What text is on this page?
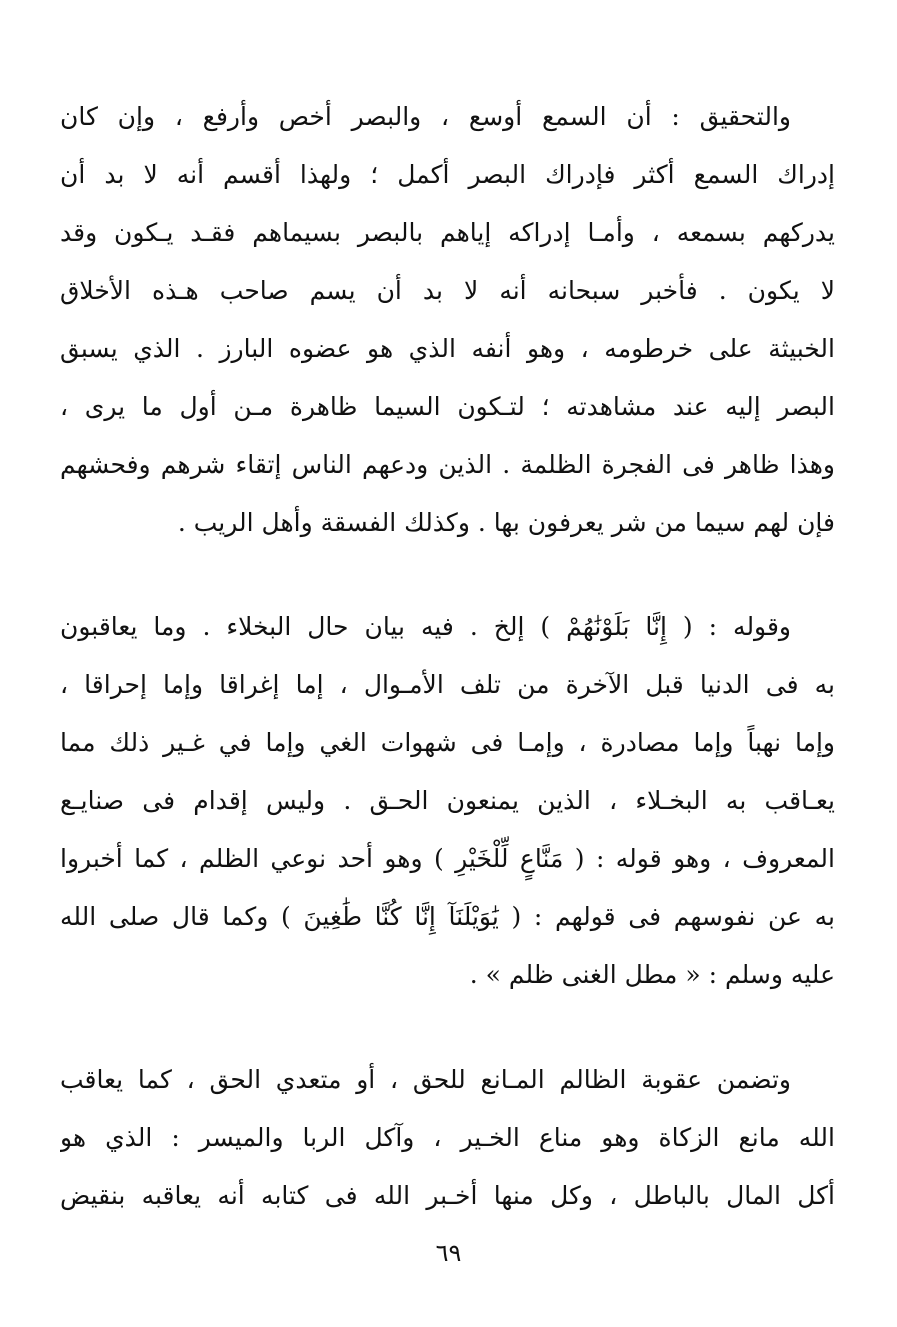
والتحقيق : أن السمع أوسع ، والبصر أخص وأرفع ، وإن كان
إدراك السمع أكثر فإدراك البصر أكمل ؛ ولهذا أقسم أنه لا بد أن
يدركهم بسمعه ، وأمـا إدراكه إياهم بالبصر بسيماهم فقـد يـكون وقد
لا يكون . فأخبر سبحانه أنه لا بد أن يسم صاحب هـذه الأخلاق
الخبيثة على خرطومه ، وهو أنفه الذي هو عضوه البارز . الذي يسبق
البصر إليه عند مشاهدته ؛ لتـكون السيما ظاهرة مـن أول ما يرى ،
وهذا ظاهر فى الفجرة الظلمة . الذين ودعهم الناس إتقاء شرهم وفحشهم
فإن لهم سيما من شر يعرفون بها . وكذلك الفسقة وأهل الريب .
وقوله : ( إِنَّا بَلَوْنَٰهُمْ ) إلخ . فيه بيان حال البخلاء . وما يعاقبون
به فى الدنيا قبل الآخرة من تلف الأمـوال ، إما إغراقا وإما إحراقا ،
وإما نهباً وإما مصادرة ، وإمـا فى شهوات الغي وإما في غـير ذلك مما
يعـاقب به البخـلاء ، الذين يمنعون الحـق . وليس إقدام فى صنايـع
المعروف ، وهو قوله : ( مَنَّاعٍ لِّلْخَيْرِ ) وهو أحد نوعي الظلم ، كما أخبروا
به عن نفوسهم فى قولهم : ( يَٰوَيْلَنَآ إِنَّا كُنَّا طَٰغِينَ ) وكما قال صلى الله
عليه وسلم : « مطل الغنى ظلم » .
وتضمن عقوبة الظالم المـانع للحق ، أو متعدي الحق ، كما يعاقب
الله مانع الزكاة وهو مناع الخـير ، وآكل الربا والميسر : الذي هو
أكل المال بالباطل ، وكل منها أخـبر الله فى كتابه أنه يعاقبه بنقيض
٦٩
